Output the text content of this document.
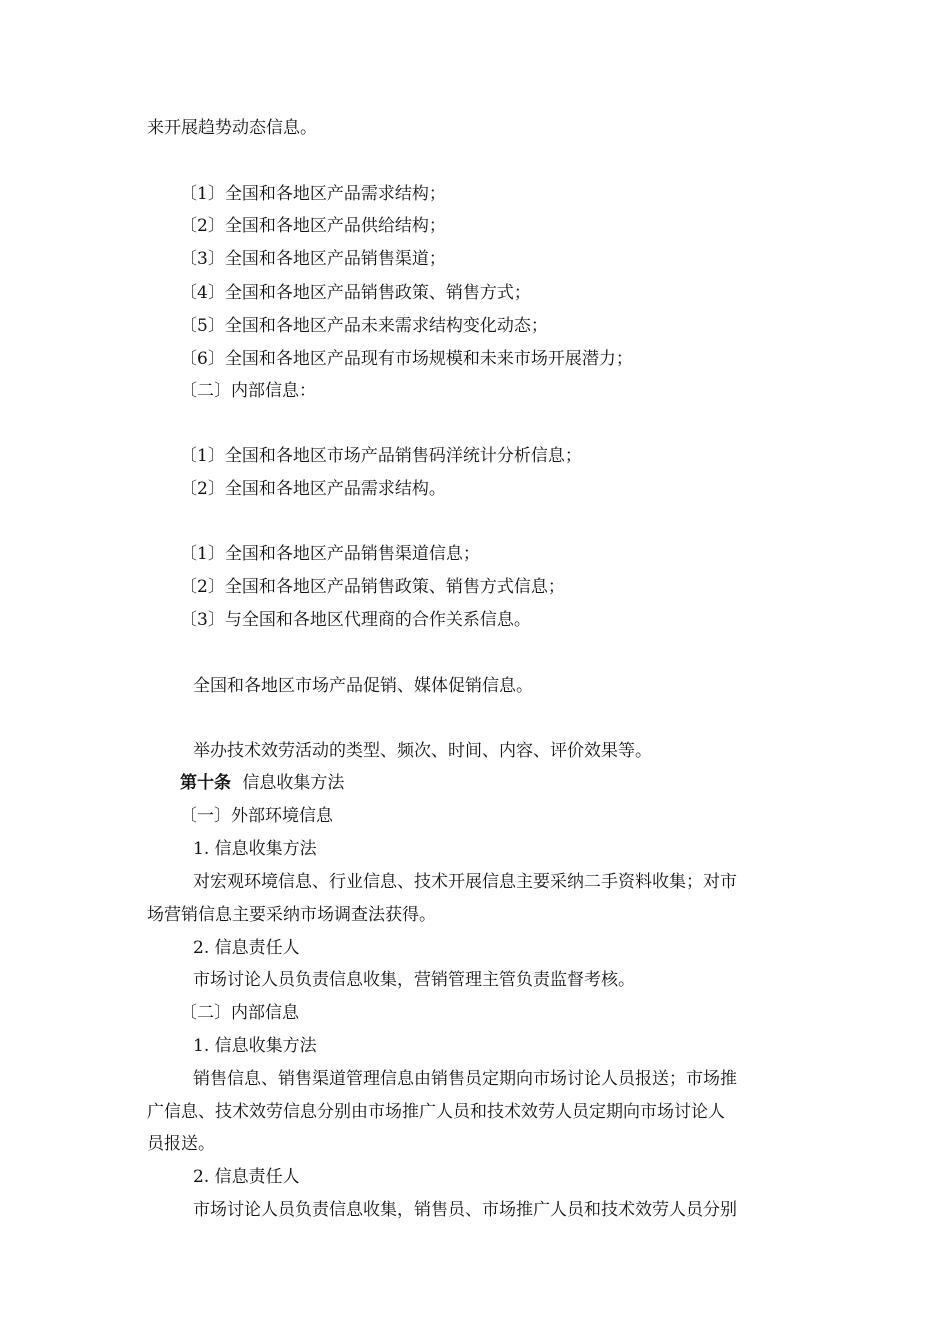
来开展趋势动态信息。
〔1〕全国和各地区产品需求结构；
〔2〕全国和各地区产品供给结构；
〔3〕全国和各地区产品销售渠道；
〔4〕全国和各地区产品销售政策、销售方式；
〔5〕全国和各地区产品未来需求结构变化动态；
〔6〕全国和各地区产品现有市场规模和未来市场开展潜力；
〔二〕内部信息：
〔1〕全国和各地区市场产品销售码洋统计分析信息；
〔2〕全国和各地区产品需求结构。
〔1〕全国和各地区产品销售渠道信息；
〔2〕全国和各地区产品销售政策、销售方式信息；
〔3〕与全国和各地区代理商的合作关系信息。
全国和各地区市场产品促销、媒体促销信息。
举办技术效劳活动的类型、频次、时间、内容、评价效果等。
第十条 信息收集方法
〔一〕外部环境信息
1. 信息收集方法
对宏观环境信息、行业信息、技术开展信息主要采纳二手资料收集；对市
场营销信息主要采纳市场调查法获得。
2. 信息责任人
市场讨论人员负责信息收集，营销管理主管负责监督考核。
〔二〕内部信息
1. 信息收集方法
销售信息、销售渠道管理信息由销售员定期向市场讨论人员报送；市场推
广信息、技术效劳信息分别由市场推广人员和技术效劳人员定期向市场讨论人
员报送。
2. 信息责任人
市场讨论人员负责信息收集，销售员、市场推广人员和技术效劳人员分别
